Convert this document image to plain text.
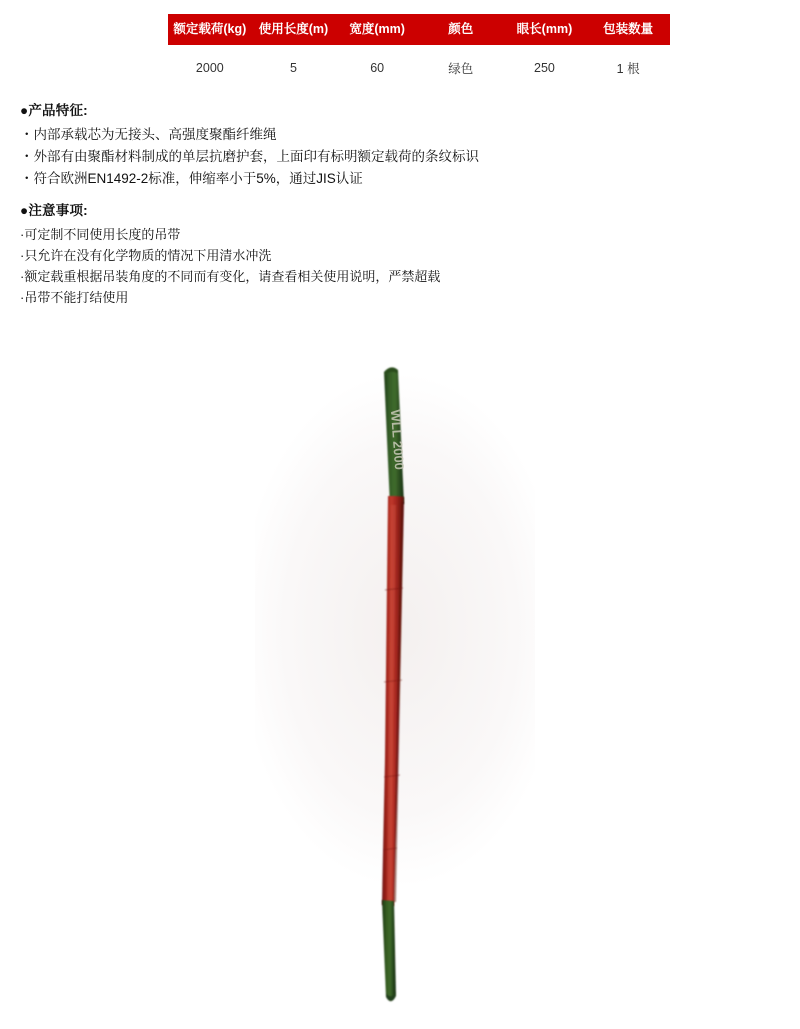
额定载荷(kg)	使用长度(m)	宽度(mm)	颜色	眼长(mm)	包装数量
2000	5	60	绿色	250	1 根

●产品特征:

・内部承载芯为无接头、高强度聚酯纤维绳

・外部有由聚酯材料制成的单层抗磨护套，上面印有标明额定载荷的条纹标识

・符合欧洲EN1492-2标准，伸缩率小于5%，通过JIS认证

●注意事项:

·可定制不同使用长度的吊带

·只允许在没有化学物质的情况下用清水冲洗

·额定载重根据吊装角度的不同而有变化，请查看相关使用说明，严禁超载

·吊带不能打结使用

WLL 2000
